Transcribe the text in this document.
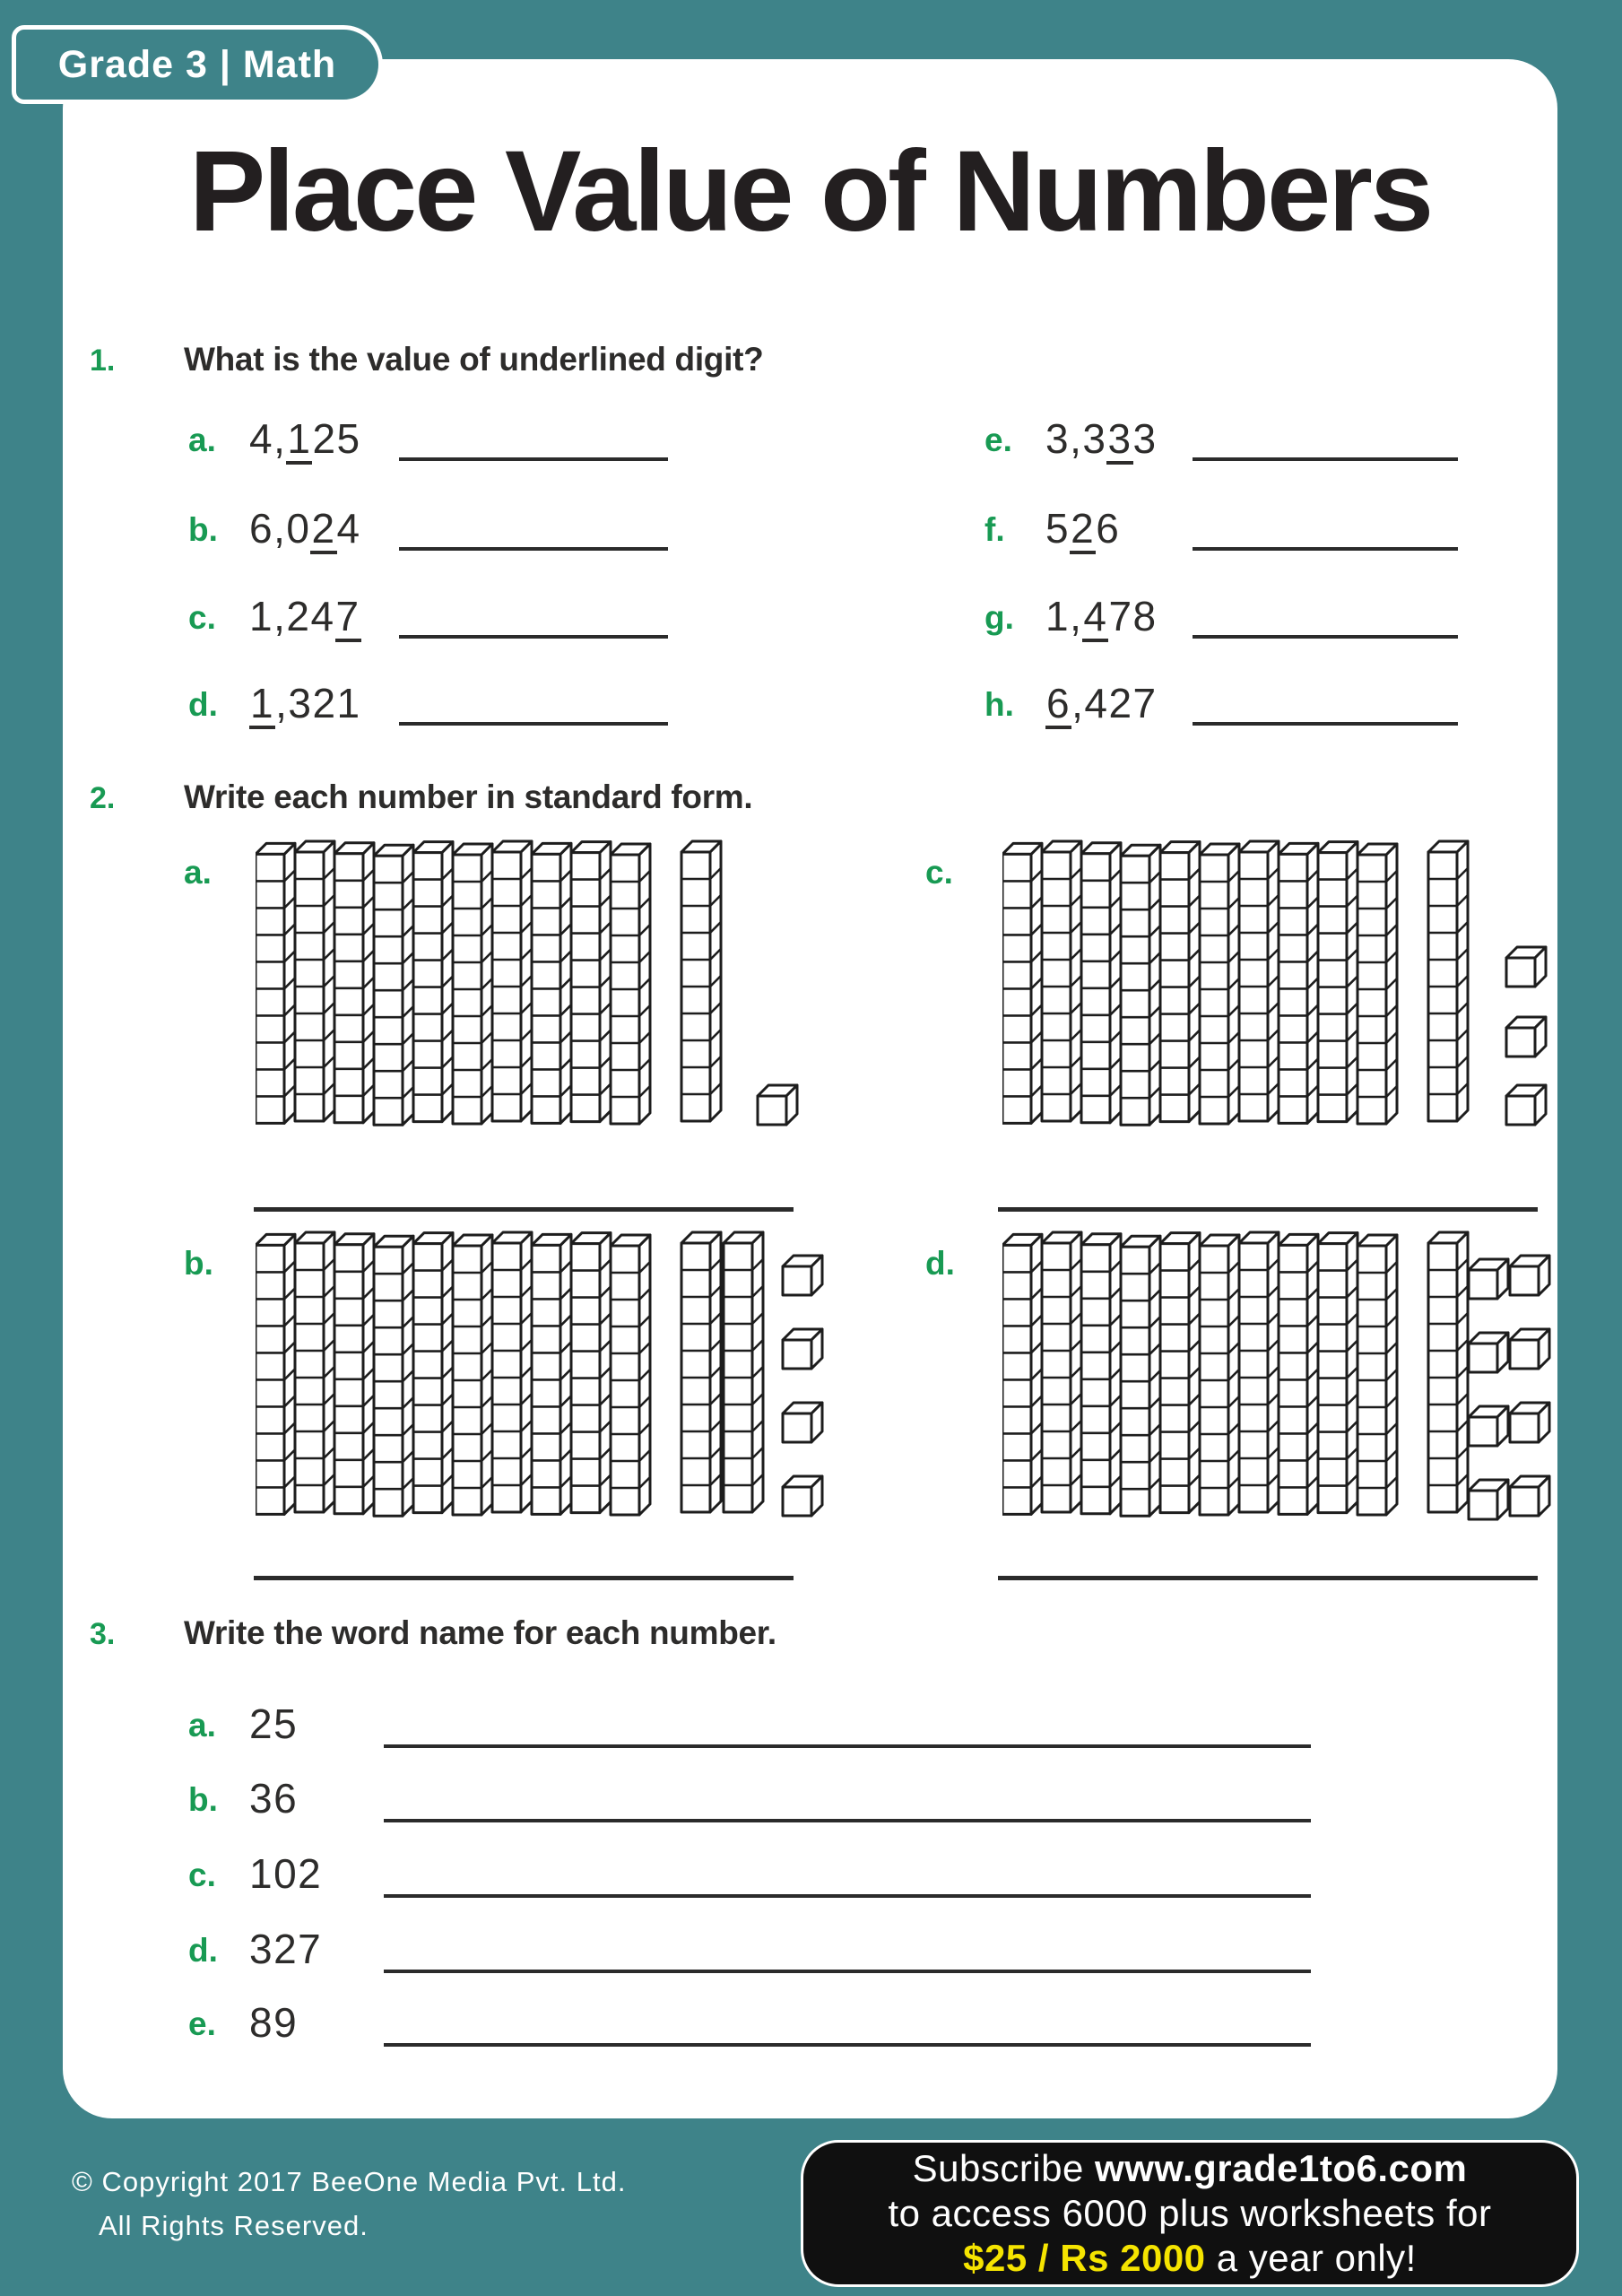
Grade 3 | Math
Place Value of Numbers
1. What is the value of underlined digit?
2. Write each number in standard form.
3. Write the word name for each number.
a. 4,125
b. 6,024
c. 1,247
d. 1,321
e. 3,333
f. 526
g. 1,478
h. 6,427
a.
b.
c.
d.
a. 25
b. 36
c. 102
d. 327
e. 89
© Copyright 2017 BeeOne Media Pvt. Ltd.
All Rights Reserved.
Subscribe www.grade1to6.com
to access 6000 plus worksheets for
$25 / Rs 2000 a year only!
